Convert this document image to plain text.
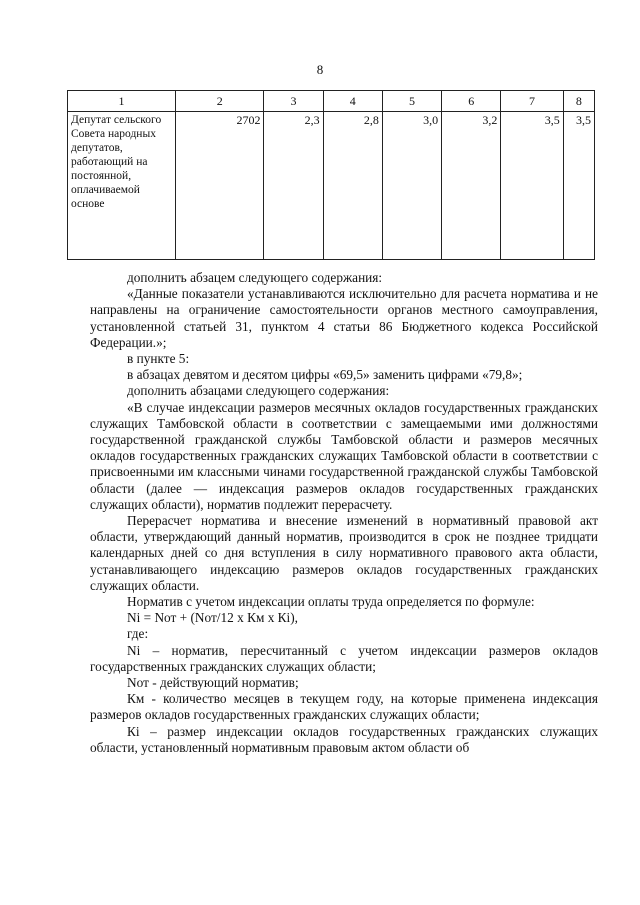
8
1	2	3	4	5	6	7	8
Депутат сельского Совета народных депутатов, работающий на постоянной, оплачиваемой основе	2702	2,3	2,8	3,0	3,2	3,5	3,5

дополнить абзацем следующего содержания:

«Данные показатели устанавливаются исключительно для расчета норматива и не направлены на ограничение самостоятельности органов местного самоуправления, установленной статьей 31, пунктом 4 статьи 86 Бюджетного кодекса Российской Федерации.»;

в пункте 5:

в абзацах девятом и десятом цифры «69,5» заменить цифрами «79,8»;

дополнить абзацами следующего содержания:

«В случае индексации размеров месячных окладов государственных гражданских служащих Тамбовской области в соответствии с замещаемыми ими должностями государственной гражданской службы Тамбовской области и размеров месячных окладов государственных гражданских служащих Тамбовской области в соответствии с присвоенными им классными чинами государственной гражданской службы Тамбовской области (далее — индексация размеров окладов государственных гражданских служащих области), норматив подлежит перерасчету.

Перерасчет норматива и внесение изменений в нормативный правовой акт области, утверждающий данный норматив, производится в срок не позднее тридцати календарных дней со дня вступления в силу нормативного правового акта области, устанавливающего индексацию размеров окладов государственных гражданских служащих области.

Норматив с учетом индексации оплаты труда определяется по формуле:

Ni = Nот + (Nот/12 х Км х Кi),

где:

Ni – норматив, пересчитанный с учетом индексации размеров окладов государственных гражданских служащих области;

Nот - действующий норматив;

Км - количество месяцев в текущем году, на которые применена индексация размеров окладов государственных гражданских служащих области;

Кi – размер индексации окладов государственных гражданских служащих области, установленный нормативным правовым актом области об
